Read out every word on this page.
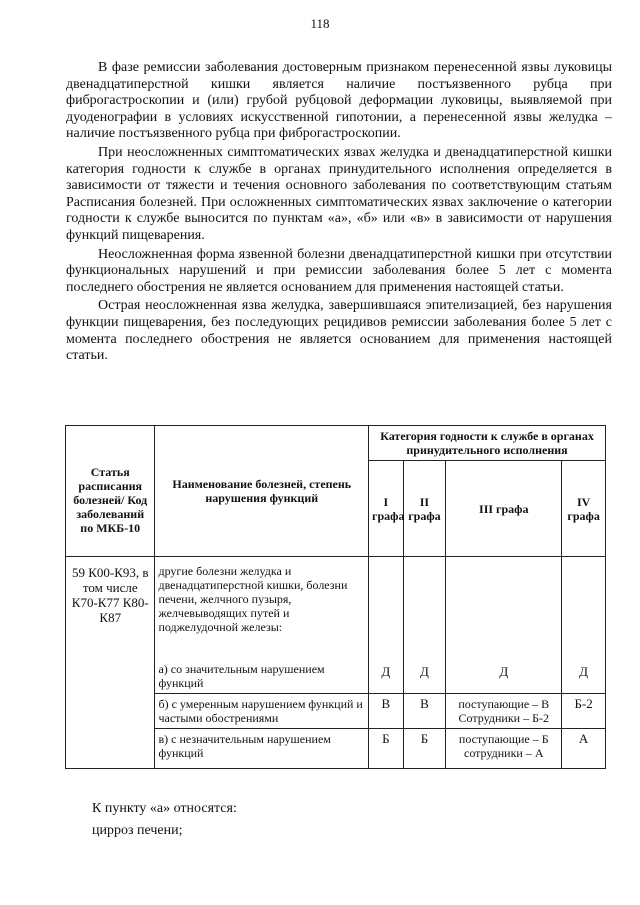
118

В фазе ремиссии заболевания достоверным признаком перенесенной язвы луковицы двенадцатиперстной кишки является наличие постъязвенного рубца при фиброгастроскопии и (или) грубой рубцовой деформации луковицы, выявляемой при дуоденографии в условиях искусственной гипотонии, а перенесенной язвы желудка – наличие постъязвенного рубца при фиброгастроскопии.

При неосложненных симптоматических язвах желудка и двенадцатиперстной кишки категория годности к службе в органах принудительного исполнения определяется в зависимости от тяжести и течения основного заболевания по соответствующим статьям Расписания болезней. При осложненных симптоматических язвах заключение о категории годности к службе выносится по пунктам «а», «б» или «в» в зависимости от нарушения функций пищеварения.

Неосложненная форма язвенной болезни двенадцатиперстной кишки при отсутствии функциональных нарушений и при ремиссии заболевания более 5 лет с момента последнего обострения не является основанием для применения настоящей статьи.

Острая неосложненная язва желудка, завершившаяся эпителизацией, без нарушения функции пищеварения, без последующих рецидивов ремиссии заболевания более 5 лет с момента последнего обострения не является основанием для применения настоящей статьи.

Статья расписания болезней/ Код заболеваний по МКБ-10	Наименование болезней, степень нарушения функций	Категория годности к службе в органах принудительного исполнения			
		I графа	II графа	III графа	IV графа
59 К00-К93, в том числе К70-К77 К80-К87	другие болезни желудка и двенадцатиперстной кишки, болезни печени, желчного пузыря, желчевыводящих путей и поджелудочной железы:
а) со значительным нарушением функций	Д	Д	Д	Д
	б) с умеренным нарушением функций и частыми обострениями	В	В	поступающие – В Сотрудники – Б-2	Б-2
	в) с незначительным нарушением функций	Б	Б	поступающие – Б сотрудники – А	А
К пункту «а» относятся:
цирроз печени;
